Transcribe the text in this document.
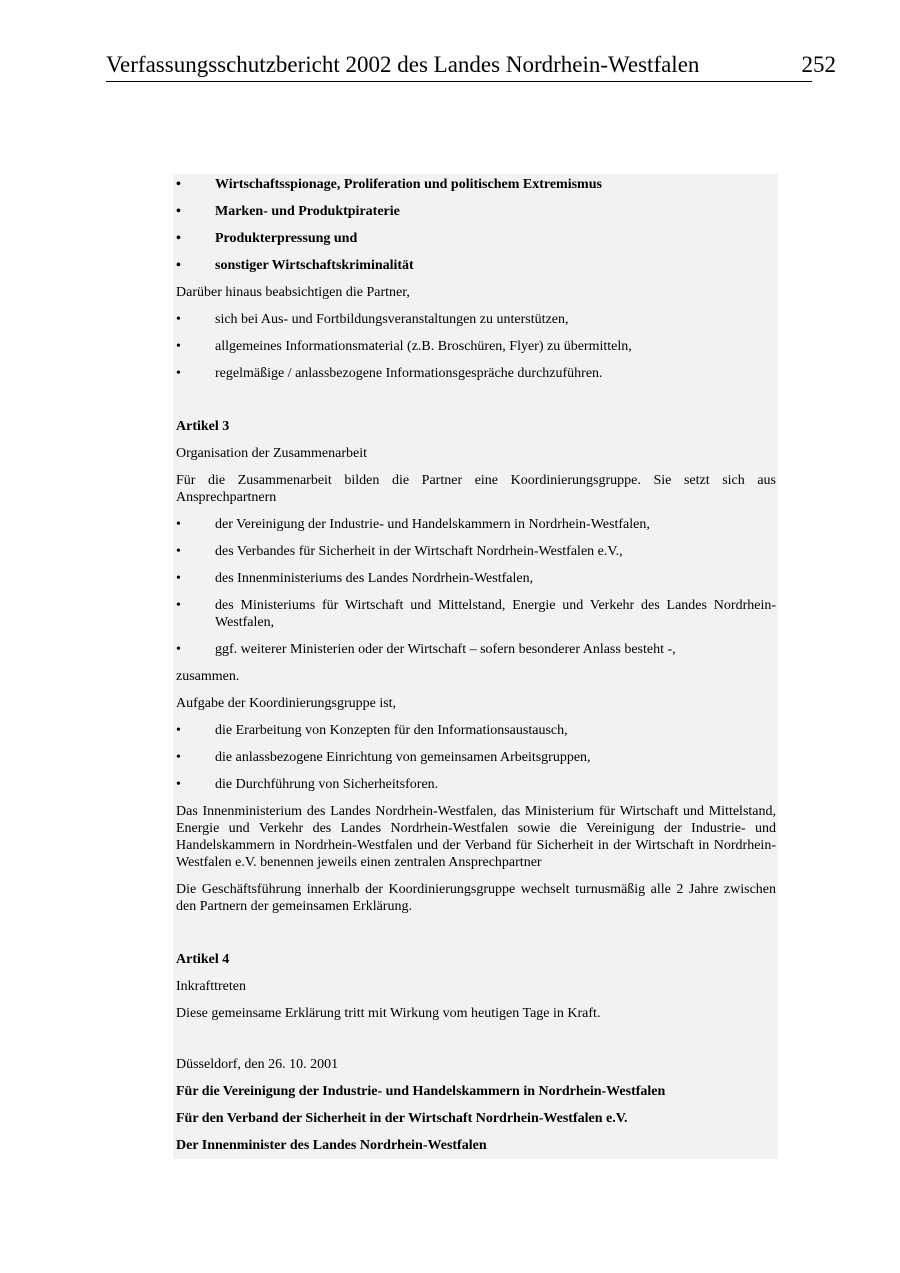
Verfassungsschutzbericht 2002 des Landes Nordrhein-Westfalen	252
•	Wirtschaftsspionage, Proliferation und politischem Extremismus
•	Marken- und Produktpiraterie
•	Produkterpressung und
•	sonstiger Wirtschaftskriminalität

Darüber hinaus beabsichtigen die Partner,

•	sich bei Aus- und Fortbildungsveranstaltungen zu unterstützen,
•	allgemeines Informationsmaterial (z.B. Broschüren, Flyer) zu übermitteln,
•	regelmäßige / anlassbezogene Informationsgespräche durchzuführen.

Artikel 3

Organisation der Zusammenarbeit

Für die Zusammenarbeit bilden die Partner eine Koordinierungsgruppe. Sie setzt sich aus Ansprechpartnern

•	der Vereinigung der Industrie- und Handelskammern in Nordrhein-Westfalen,
•	des Verbandes für Sicherheit in der Wirtschaft Nordrhein-Westfalen e.V.,
•	des Innenministeriums des Landes Nordrhein-Westfalen,
•	des Ministeriums für Wirtschaft und Mittelstand, Energie und Verkehr des Landes Nordrhein-Westfalen,
•	ggf. weiterer Ministerien oder der Wirtschaft – sofern besonderer Anlass besteht -,

zusammen.

Aufgabe der Koordinierungsgruppe ist,

•	die Erarbeitung von Konzepten für den Informationsaustausch,
•	die anlassbezogene Einrichtung von gemeinsamen Arbeitsgruppen,
•	die Durchführung von Sicherheitsforen.

Das Innenministerium des Landes Nordrhein-Westfalen, das Ministerium für Wirtschaft und Mittelstand, Energie und Verkehr des Landes Nordrhein-Westfalen sowie die Vereinigung der Industrie- und Handelskammern in Nordrhein-Westfalen und der Verband für Sicherheit in der Wirtschaft in Nordrhein-Westfalen e.V. benennen jeweils einen zentralen Ansprechpartner

Die Geschäftsführung innerhalb der Koordinierungsgruppe wechselt turnusmäßig alle 2 Jahre zwischen den Partnern der gemeinsamen Erklärung.

Artikel 4

Inkrafttreten

Diese gemeinsame Erklärung tritt mit Wirkung vom heutigen Tage in Kraft.

Düsseldorf, den 26. 10. 2001

Für die Vereinigung der Industrie- und Handelskammern in Nordrhein-Westfalen

Für den Verband der Sicherheit in der Wirtschaft Nordrhein-Westfalen e.V.

Der Innenminister des Landes Nordrhein-Westfalen
